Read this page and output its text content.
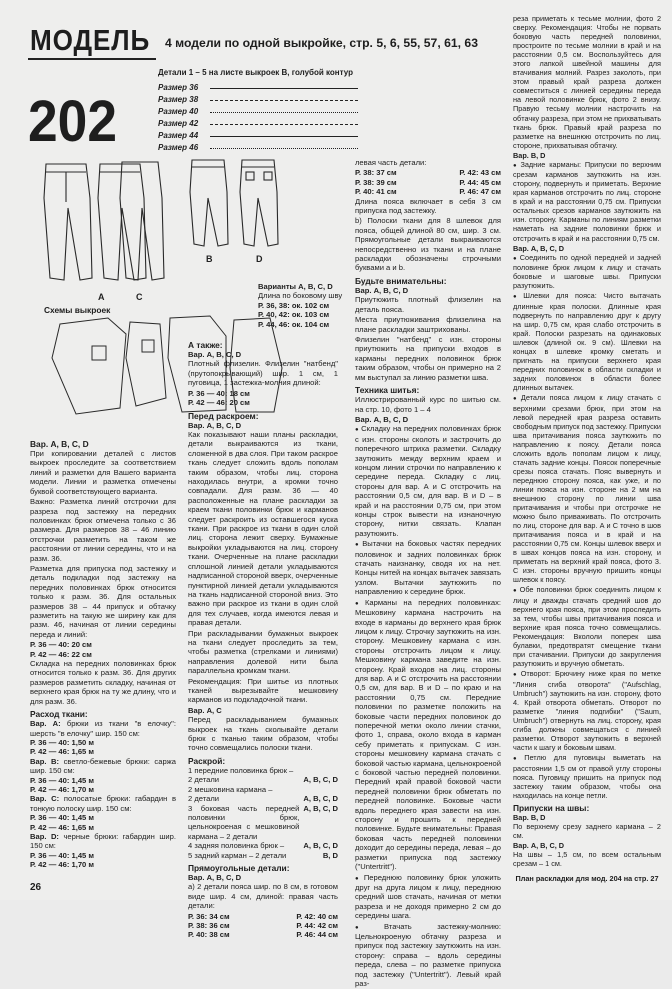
МОДЕЛЬ
202
4 модели по одной выкройке, стр. 5, 6, 55, 57, 61, 63
Детали 1 – 5 на листе выкроек В, голубой контур
Размер 36
Размер 38
Размер 40
Размер 42
Размер 44
Размер 46
A	C
B	D
Схемы выкроек
Варианты А, В, С, D
Длина по боковому шву
Р. 36, 38: ок. 102 см
Р. 40, 42: ок. 103 см
Р. 44, 46: ок. 104 см
Вар. А, В, С, D

При копировании деталей с листов выкроек проследите за соответствием линий и разметки для Вашего варианта модели. Линии и разметка отмечены буквой соответствующего варианта.

Важно: Разметка линий отстрочки для разреза под застежку на передних половинках брюк отмечена только с 36 размера. Для размеров 38 – 46 линию отстрочки разметить на таком же расстоянии от линии середины, что и на разм. 36.

Разметка для припуска под застежку и деталь подкладки под застежку на передних половинках брюк относится только к разм. 36. Для остальных размеров 38 – 44 припуск и обтачку разметить на такую же ширину как для разм. 46, начиная от линии середины переда и линий:

Р. 36 — 40: 20 см
Р. 42 — 46: 22 см

Складка на передних половинках брюк относится только к разм. 36. Для других размеров разметить складку, начиная от верхнего края брюк на ту же длину, что и для разм. 36.

Расход ткани:
Вар. А: брюки из ткани "в елочку": шерсть "в елочку" шир. 150 см:
Р. 36 — 40: 1,50 м
Р. 42 — 46: 1,65 м
Вар. В: светло-бежевые брюки: саржа шир. 150 см:
Р. 36 — 40: 1,45 м
Р. 42 — 46: 1,70 м
Вар. С: полосатые брюки: габардин в тонкую полоску шир. 150 см:
Р. 36 — 40: 1,45 м
Р. 42 — 46: 1,65 м
Вар. D: черные брюки: габардин шир. 150 см:
Р. 36 — 40: 1,45 м
Р. 42 — 46: 1,70 м
А также:
Вар. А, В, С, D

Плотный флизелин. Флизелин "натбенд" (прутопокрывающий) шир. 1 см, 1 пуговица, 1 застежка-молния длиной:

Р. 36 — 40: 18 см
Р. 42 — 46: 20 см
Перед раскроем:
Вар. А, В, С, D

Как показывают наши планы раскладки, детали выкраиваются из ткани, сложенной в два слоя. При таком раскрое ткань следует сложить вдоль пополам таким образом, чтобы лиц. сторона находилась внутри, а кромки точно совпадали. Для разм. 36 — 40 расположенные на плане раскладки за краем ткани половинки брюк и карманов следует раскроить из оставшегося куска ткани. При раскрое из ткани в один слой лиц. сторона лежит сверху. Бумажные выкройки укладываются на лиц. сторону ткани. Очерченные на плане раскладки сплошной линией детали укладываются надписанной стороной вверх, очерченные пунктирной линией детали укладываются на ткань надписанной стороной вниз. Это важно при раскрое из ткани в один слой для тех случаев, когда имеются левая и правая детали.

При раскладывании бумажных выкроек на ткани следует проследить за тем, чтобы разметка (стрелками и линиями) направления долевой нити была параллельна кромкам ткани.

Рекомендация: При шитье из плотных тканей вырезывайте мешковину карманов из подкладочной ткани.

Вар. А, С

Перед раскладыванием бумажных выкроек на ткань сколывайте детали брюк с тканью таким образом, чтобы точно совмещались полоски ткани.

Раскрой:
1 передние половинка брюк –
2 детали	А, В, С, D
2 мешковина кармана –
2 детали	А, В, С, D
3 боковая часть передней половинки брюк, цельнокроеная с мешковиной кармана – 2 детали
А, В, С, D
4 задняя половинка брюк –	А, В, С, D
5 задний карман – 2 детали	В, D
Прямоугольные детали:
Вар. А, В, С, D

а) 2 детали пояса шир. по 8 см, в готовом виде шир. 4 см, длиной: правая часть детали:

Р. 36: 34 см	Р. 42: 40 см
Р. 38: 36 см	Р. 44: 42 см
Р. 40: 38 см	Р. 46: 44 см

левая часть детали:

Р. 38: 37 см	Р. 42: 43 см
Р. 38: 39 см	Р. 44: 45 см
Р. 40: 41 см	Р. 46: 47 см

Длина пояса включает в себя 3 см припуска под застежку.

b) Полоски ткани для 8 шлевок для пояса, общей длиной 80 см, шир. 3 см. Прямоугольные детали выкраиваются непосредственно из ткани и на плане раскладки обозначены строчными буквами a и b.

Будьте внимательны:
Вар. А, В, С, D

Приутюжить плотный флизелин на деталь пояса.

Места приутюживания флизелина на плане раскладки заштрихованы.

Флизелин "натбенд" с изн. стороны приутюжить на припуски входов в карманы передних половинок брюк таким образом, чтобы он примерно на 2 мм выступал за линию разметки шва.

Техника шитья:

Иллюстрированный курс по шитью см. на стр. 10, фото 1 – 4

Вар. А, В, С, D

● Складку на передних половинках брюк с изн. стороны сколоть и застрочить до поперечного штриха разметки. Складку заутюжить между верхним краем и концом линии строчки по направлению к середине переда. Складку с лиц. стороны для вар. А и С отстрочить на расстоянии 0,5 см, для вар. В и D – в край и на расстоянии 0,75 см, при этом концы строк вывести на изнаночную сторону, нитки связать. Клапан разутюжить.

● Вытачки на боковых частях передних половинок и задних половинках брюк стачать наизнанку, сводя их на нет. Концы нитей на концах вытачек завязать узлом. Вытачки заутюжить по направлению к середине брюк.

● Карманы на передних половинках: Мешковину кармана настрочить на входе в карманы до верхнего края брюк лицом к лицу. Строчку заутюжить на изн. сторону. Мешковину кармана с изн. стороны отстрочить лицом к лицу. Мешковину кармана заведите на изн. сторону. Край входов на лиц. стороны для вар. А и С отстрочить на расстоянии 0,5 см, для вар. В и D – по краю и на расстоянии 0,75 см. Передние половинки по разметке положить на боковые части передних половинок до поперечной метки около линии стачки, фото 1, справа, около входа в карман себу приметать к припускам. С изн. стороны мешковину кармана стачать с боковой частью кармана, цельнокроеной с боковой частью передней половинки. Передний край правой боковой части передней половинки брюк обметать по передней половинке. Боковые части вдоль переднего края завести на изн. сторону и прошить к передней половинке. Будьте внимательны: Правая боковая часть передней половинки доходит до середины переда, левая – до разметки припуска под застежку ("Untertritt").

● Переднюю половинку брюк уложить друг на друга лицом к лицу, переднюю средний шов стачать, начиная от метки разреза и не доходя примерно 2 см до середины шага.

● Втачать застежку-молнию: Цельнокроеную обтачку разреза и припуск под застежку заутюжить на изн. сторону: справа – вдоль середины переда, слева – по разметке припуска под застежку ("Untertritt"). Левый край раз-

реза приметать к тесьме молнии, фото 2 сверху. Рекомендация: Чтобы не порвать боковую часть передней половинки, простроите по тесьме молнии в край и на расстоянии 0,5 см. Воспользуйтесь для этого лапкой швейной машины для втачивания молний. Разрез заколоть, при этом правый край разреза должен совместиться с линией середины переда на левой половинке брюк, фото 2 внизу. Правую тесьму молнии настрочить на обтачку разреза, при этом не прихватывать ткань брюк. Правый край разреза по разметке на внешнюю отстрочить по лиц. стороне, прихватывая обтачку.

Вар. В, D

● Задние карманы: Припуски по верхним срезам карманов заутюжить на изн. сторону, подвернуть и приметать. Верхние края карманов отстрочить по лиц. стороне в край и на расстоянии 0,75 см. Припуски остальных срезов карманов заутюжить на изн. сторону. Карманы по линиям разметки наметать на задние половинки брюк и отстрочить в край и на расстоянии 0,75 см.

Вар. А, В, С, D

● Соединить по одной передней и задней половинке брюк лицом к лицу и стачать боковые и шаговые швы. Припуски разутюжить.

● Шлевки для пояса: Чисто вытачать длинные края полоски. Длинные края подвернуть по направлению друг к другу на шир. 0,75 см, края слабо отстрочить в край. Полоски разрезать на одинаковых шлевок (длиной ок. 9 см). Шлевки на концах в шлевке кромку сметать и пригнать на припуски верхнего края передних половинок в области складки и задних половинок в области более длинных вытачек.

● Детали пояса лицом к лицу стачать с верхними срезами брюк, при этом на левой передней края разреза оставить свободным припуск под застежку. Припуски шва притачивания пояса заутюжить по направлению к поясу. Детали пояса сложить вдоль пополам лицом к лицу, стачать задние концы. Поясок поперечные срезы пояса стачать. Пояс вывернуть и переднюю сторону пояса, как уже, и по линии пояса на изн. стороне на 2 мм на внешнюю сторону по линии шва притачивания и чтобы при отстрочке не можно было приваживать. По отстрочить по лиц. стороне для вар. А и С точно в шов притачивания пояса и в край и на расстоянии 0,75 см. Концы шлевок вверх и в швах концов пояса на изн. сторону, и приметать на верхний край пояса, фото 3. С изн. стороны вручную пришить концы шлевок к поясу.

● Обе половинки брюк соединить лицом к лицу и дважды стачать средний шов до верхнего края пояса, при этом проследить за тем, чтобы швы притачивания пояса и верхние края пояса точно совмещались. Рекомендация: Вкололи поперек шва булавки, предотвратят смещение ткани при стачивании. Припуски до закругления разутюжить и вручную обметать.

● Отворот: Брючину ниже края по метке "Линия сгиба отворота" ("Aufschlag, Umbruch") заутюжить на изн. сторону, фото 4. Край отворота обметать. Отворот по разметке "линия подгибки" ("Saum, Umbruch") отвернуть на лиц. сторону, края сгиба должны совмещаться с линией разметки. Отворот заутюжить в верхней части к шагу и боковым швам.

● Петлю для пуговицы выметать на расстоянии 1,5 см от правой углу стороны пояса. Пуговицу пришить на припуск под застежку таким образом, чтобы она находилась на конце петли.

Припуски на швы:
Вар. В, D

По верхнему срезу заднего кармана – 2 см.

Вар. А, В, С, D

На швы – 1,5 см, по всем остальным срезам – 1 см.

План раскладки для мод. 204 на стр. 27

26
